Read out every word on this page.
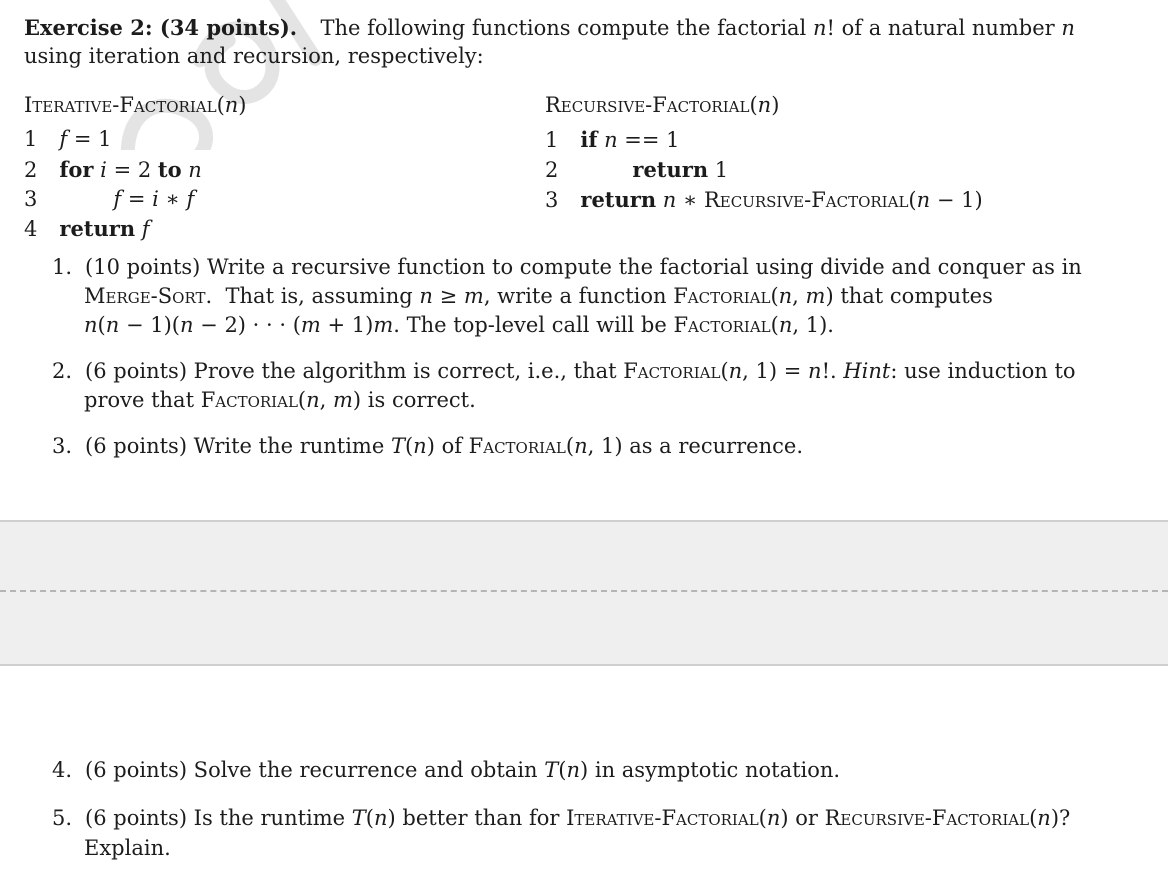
Exercise 2: (34 points). The following functions compute the factorial n! of a natural number n
using iteration and recursion, respectively:
Iterative-Factorial(n)
1 f = 1
2 for i = 2 to n
3	f = i ∗ f
4 return f
Recursive-Factorial(n)
1 if n == 1
2	return 1
3 return n ∗ Recursive-Factorial(n − 1)
1. (10 points) Write a recursive function to compute the factorial using divide and conquer as in
Merge-Sort.  That is, assuming n ≥ m, write a function Factorial(n, m) that computes
n(n − 1)(n − 2) · · · (m + 1)m. The top-level call will be Factorial(n, 1).
2. (6 points) Prove the algorithm is correct, i.e., that Factorial(n, 1) = n!. Hint: use induction to
prove that Factorial(n, m) is correct.
3. (6 points) Write the runtime T(n) of Factorial(n, 1) as a recurrence.
4. (6 points) Solve the recurrence and obtain T(n) in asymptotic notation.
5. (6 points) Is the runtime T(n) better than for Iterative-Factorial(n) or Recursive-Factorial(n)?
Explain.
